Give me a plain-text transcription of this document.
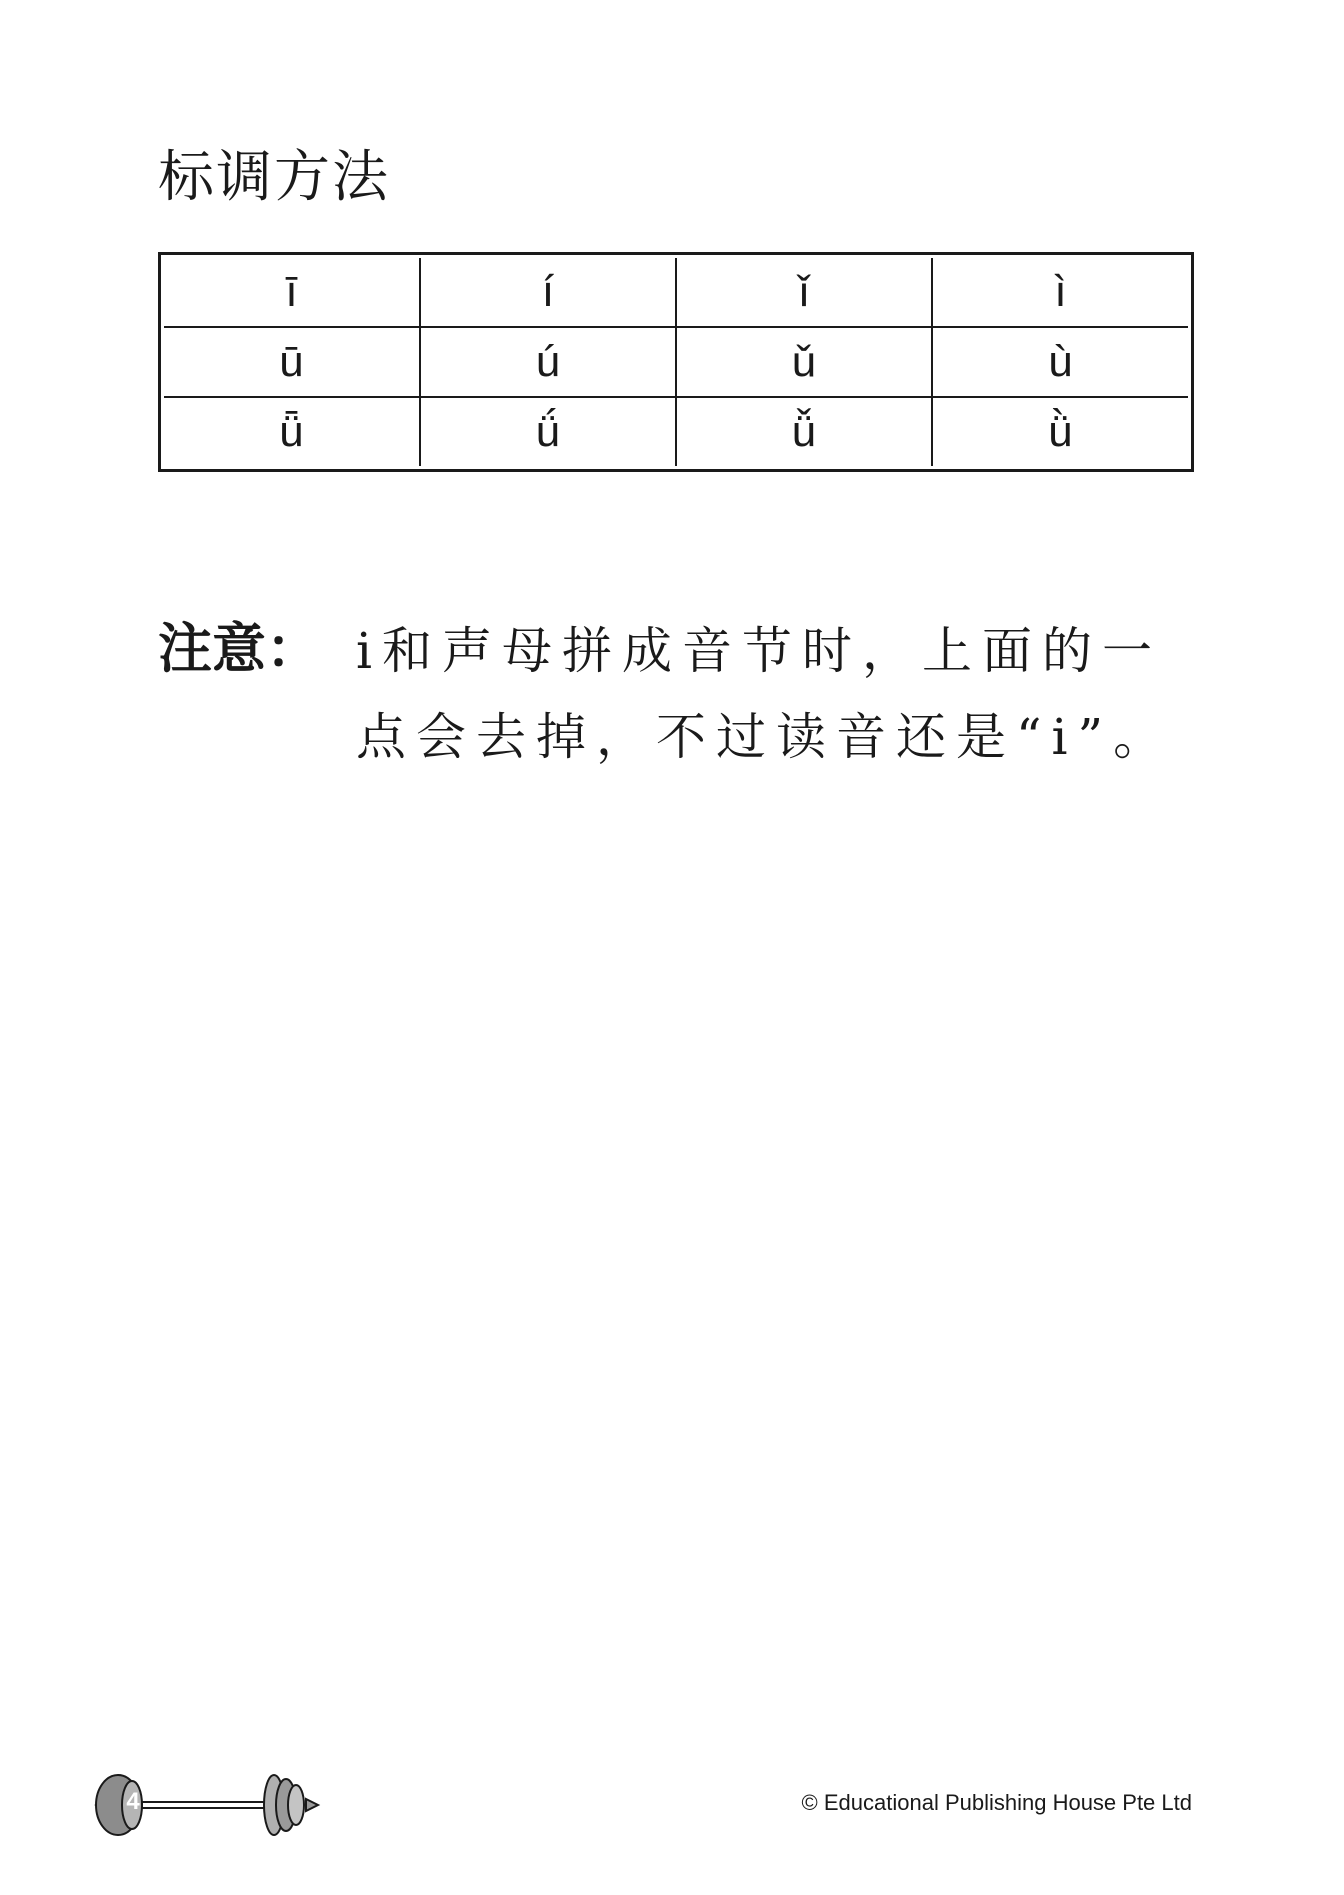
标调方法
ī	í	ǐ	ì
ū	ú	ǔ	ù
ǖ	ǘ	ǚ	ǜ
注意： i和声母拼成音节时，上面的一
点会去掉，不过读音还是“i”。
4	© Educational Publishing House Pte Ltd
